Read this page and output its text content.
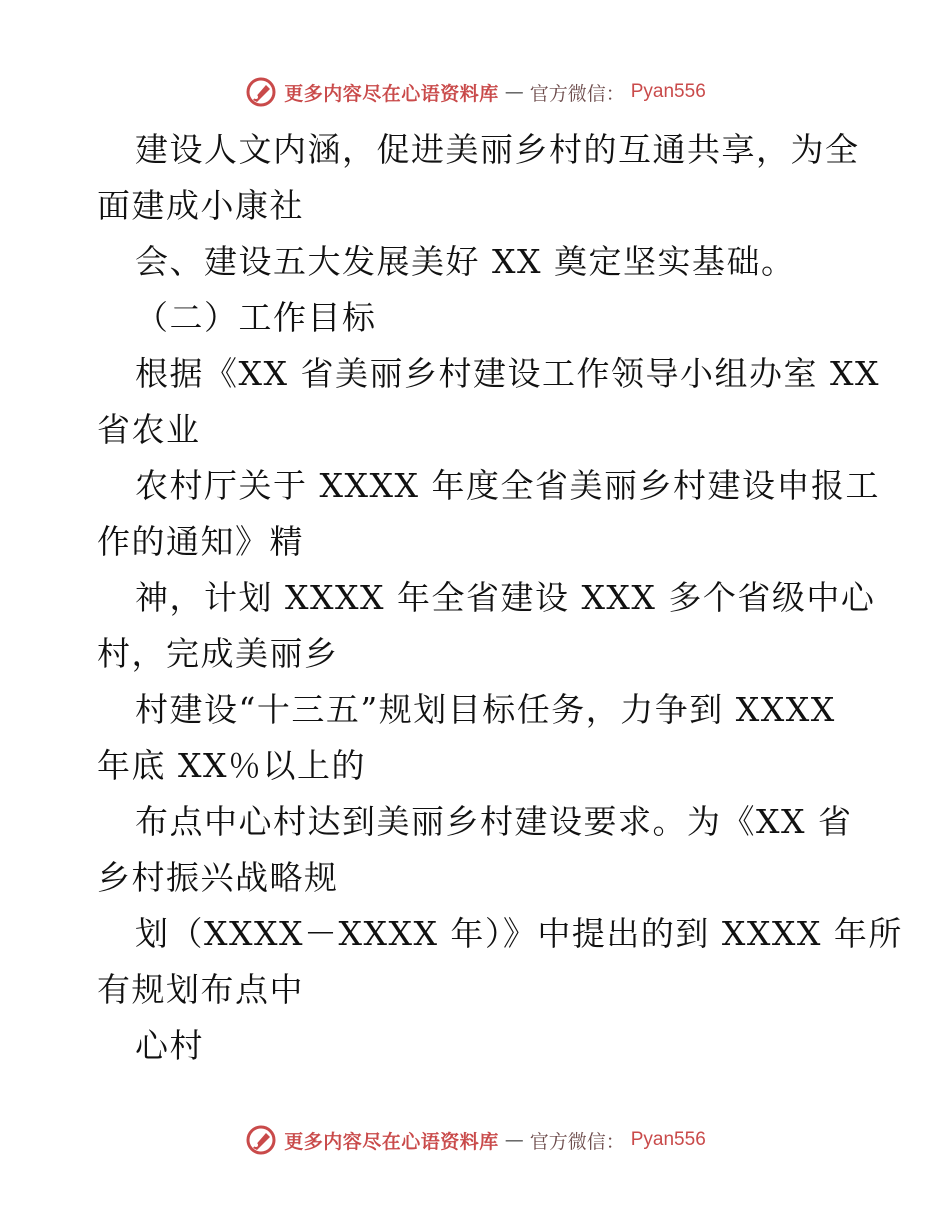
更多内容尽在心语资料库 — 官方微信： Pyan556
建设人文内涵，促进美丽乡村的互通共享，为全
面建成小康社
会、建设五大发展美好 XX 奠定坚实基础。
（二）工作目标
根据《XX 省美丽乡村建设工作领导小组办室 XX
省农业
农村厅关于 XXXX 年度全省美丽乡村建设申报工
作的通知》精
神，计划 XXXX 年全省建设 XXX 多个省级中心
村，完成美丽乡
村建设“十三五”规划目标任务，力争到 XXXX
年底 XX％以上的
布点中心村达到美丽乡村建设要求。为《XX 省
乡村振兴战略规
划（XXXX－XXXX 年）》中提出的到 XXXX 年所
有规划布点中
心村
更多内容尽在心语资料库 — 官方微信： Pyan556
